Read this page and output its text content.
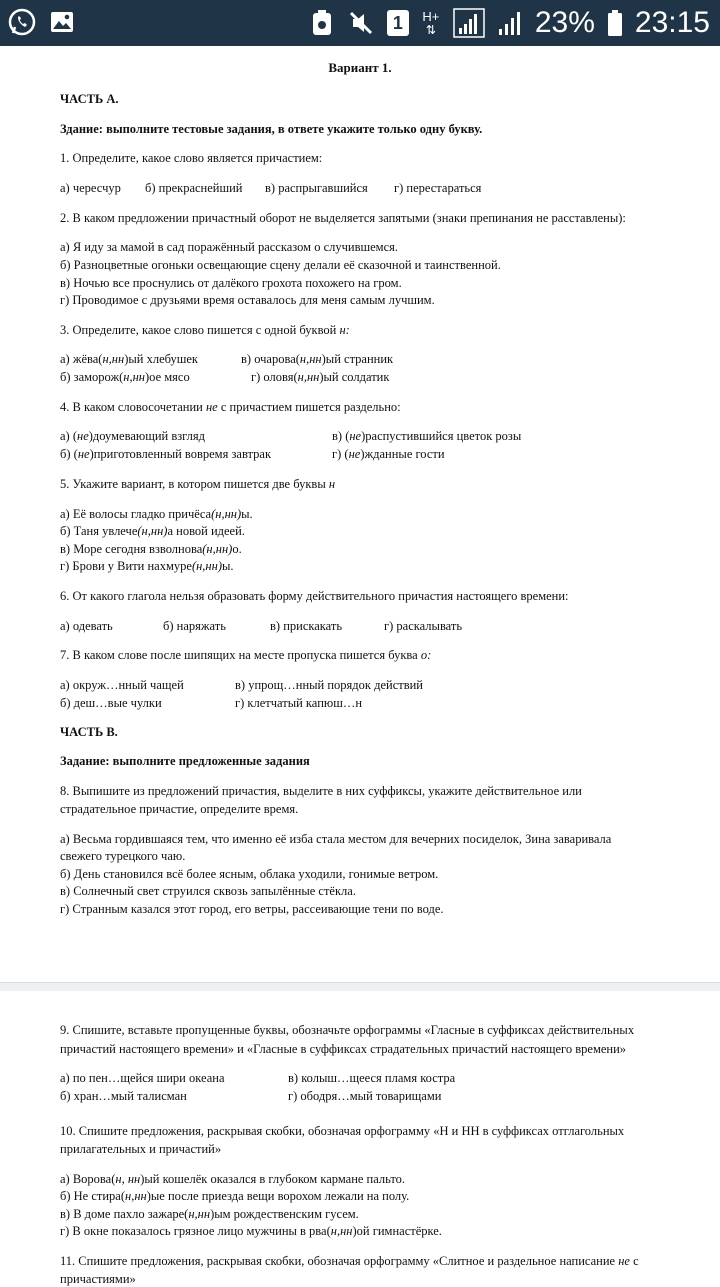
1	H+
⇅	23% 23:15
Вариант 1.
ЧАСТЬ А.
Здание: выполните тестовые задания, в ответе укажите только одну букву.
1. Определите, какое слово является причастием:
а) чересчур б) прекраснейший в) распрыгавшийся г) перестараться
2. В каком предложении причастный оборот не выделяется запятыми (знаки препинания не расставлены):
а) Я иду за мамой в сад поражённый рассказом о случившемся.
б) Разноцветные огоньки освещающие сцену делали её сказочной и таинственной.
в) Ночью все проснулись от далёкого грохота похожего на гром.
г) Проводимое с друзьями время оставалось для меня самым лучшим.
3. Определите, какое слово пишется с одной буквой н:
а) жёва(н,нн)ый хлебушек	в) очарова(н,нн)ый странник
б) заморож(н,нн)ое мясо	г) оловя(н,нн)ый солдатик
4. В каком словосочетании не с причастием пишется раздельно:
а) (не)доумевающий взгляд	в) (не)распустившийся цветок розы
б) (не)приготовленный вовремя завтрак	г) (не)жданные гости
5. Укажите вариант, в котором пишется две буквы н
а) Её волосы гладко причёса(н,нн)ы.
б) Таня увлече(н,нн)а новой идеей.
в) Море сегодня взволнова(н,нн)о.
г) Брови у Вити нахмуре(н,нн)ы.
6. От какого глагола нельзя образовать форму действительного причастия настоящего времени:
а) одевать	б) наряжать	в) прискакать	г) раскалывать
7. В каком слове после шипящих на месте пропуска пишется буква о:
а) окруж…нный чащей	в) упрощ…нный порядок действий
б) деш…вые чулки	г) клетчатый капюш…н
ЧАСТЬ В.
Задание: выполните предложенные задания
8. Выпишите из предложений причастия, выделите в них суффиксы, укажите действительное или
страдательное причастие, определите время.
а) Весьма гордившаяся тем, что именно её изба стала местом для вечерних посиделок, Зина заваривала
свежего турецкого чаю.
б) День становился всё более ясным, облака уходили, гонимые ветром.
в) Солнечный свет струился сквозь запылённые стёкла.
г) Странным казался этот город, его ветры, рассеивающие тени по воде.
9. Спишите, вставьте пропущенные буквы, обозначьте орфограммы «Гласные в суффиксах действительных
причастий настоящего времени» и «Гласные в суффиксах страдательных причастий настоящего времени»
а) по пен…щейся шири океана	в) колыш…щееся пламя костра
б) хран…мый талисман	г) ободря…мый товарищами
10. Спишите предложения, раскрывая скобки, обозначая орфограмму «Н и НН в суффиксах отглагольных
прилагательных и причастий»
а) Ворова(н, нн)ый кошелёк оказался в глубоком кармане пальто.
б) Не стира(н,нн)ые после приезда вещи ворохом лежали на полу.
в) В доме пахло зажаре(н,нн)ым рождественским гусем.
г) В окне показалось грязное лицо мужчины в рва(н,нн)ой гимнастёрке.
11. Спишите предложения, раскрывая скобки, обозначая орфограмму «Слитное и раздельное написание не с
причастиями»
